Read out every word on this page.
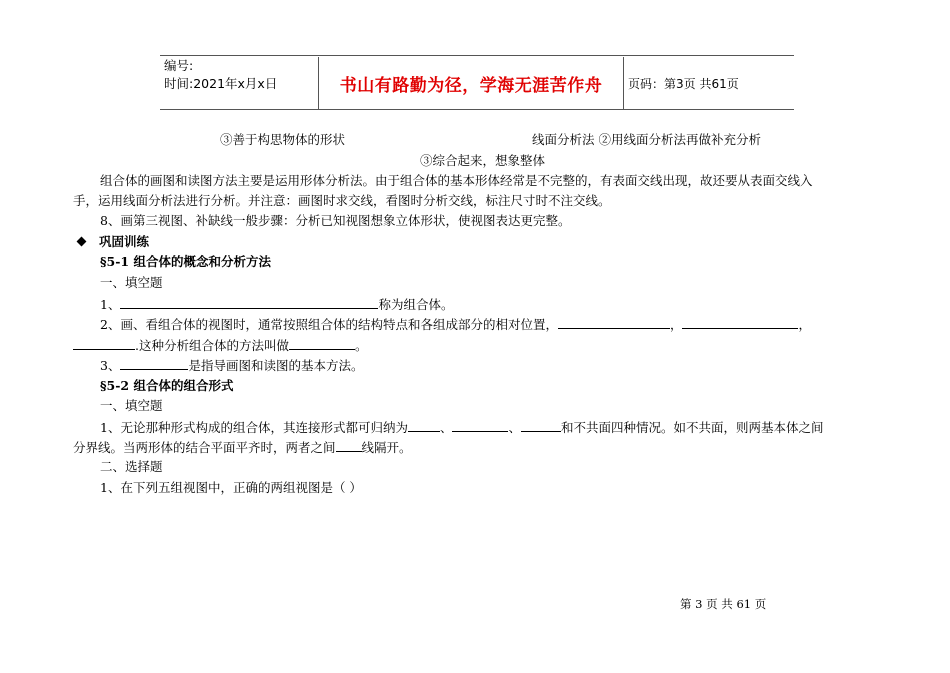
编号:
时间:2021年x月x日	书山有路勤为径，学海无涯苦作舟 页码：第3页 共61页
③善于构思物体的形状	线面分析法 ②用线面分析法再做补充分析
③综合起来，想象整体
组合体的画图和读图方法主要是运用形体分析法。由于组合体的基本形体经常是不完整的，有表面交线出现，故还要从表面交线入
手，运用线面分析法进行分析。并注意：画图时求交线，看图时分析交线，标注尺寸时不注交线。
8、画第三视图、补缺线一般步骤：分析已知视图想象立体形状，使视图表达更完整。
巩固训练
§5-1 组合体的概念和分析方法
一、填空题
1、	称为组合体。
2、画、看组合体的视图时，通常按照组合体的结构特点和各组成部分的相对位置，	，	，
.这种分析组合体的方法叫做	。
3、	是指导画图和读图的基本方法。
§5-2 组合体的组合形式
一、填空题
1、无论那种形式构成的组合体，其连接形式都可归纳为	、	、	和不共面四种情况。如不共面，则两基本体之间
分界线。当两形体的结合平面平齐时，两者之间 线隔开。
二、选择题
1、在下列五组视图中，正确的两组视图是（ ）
第 3 页 共 61 页
